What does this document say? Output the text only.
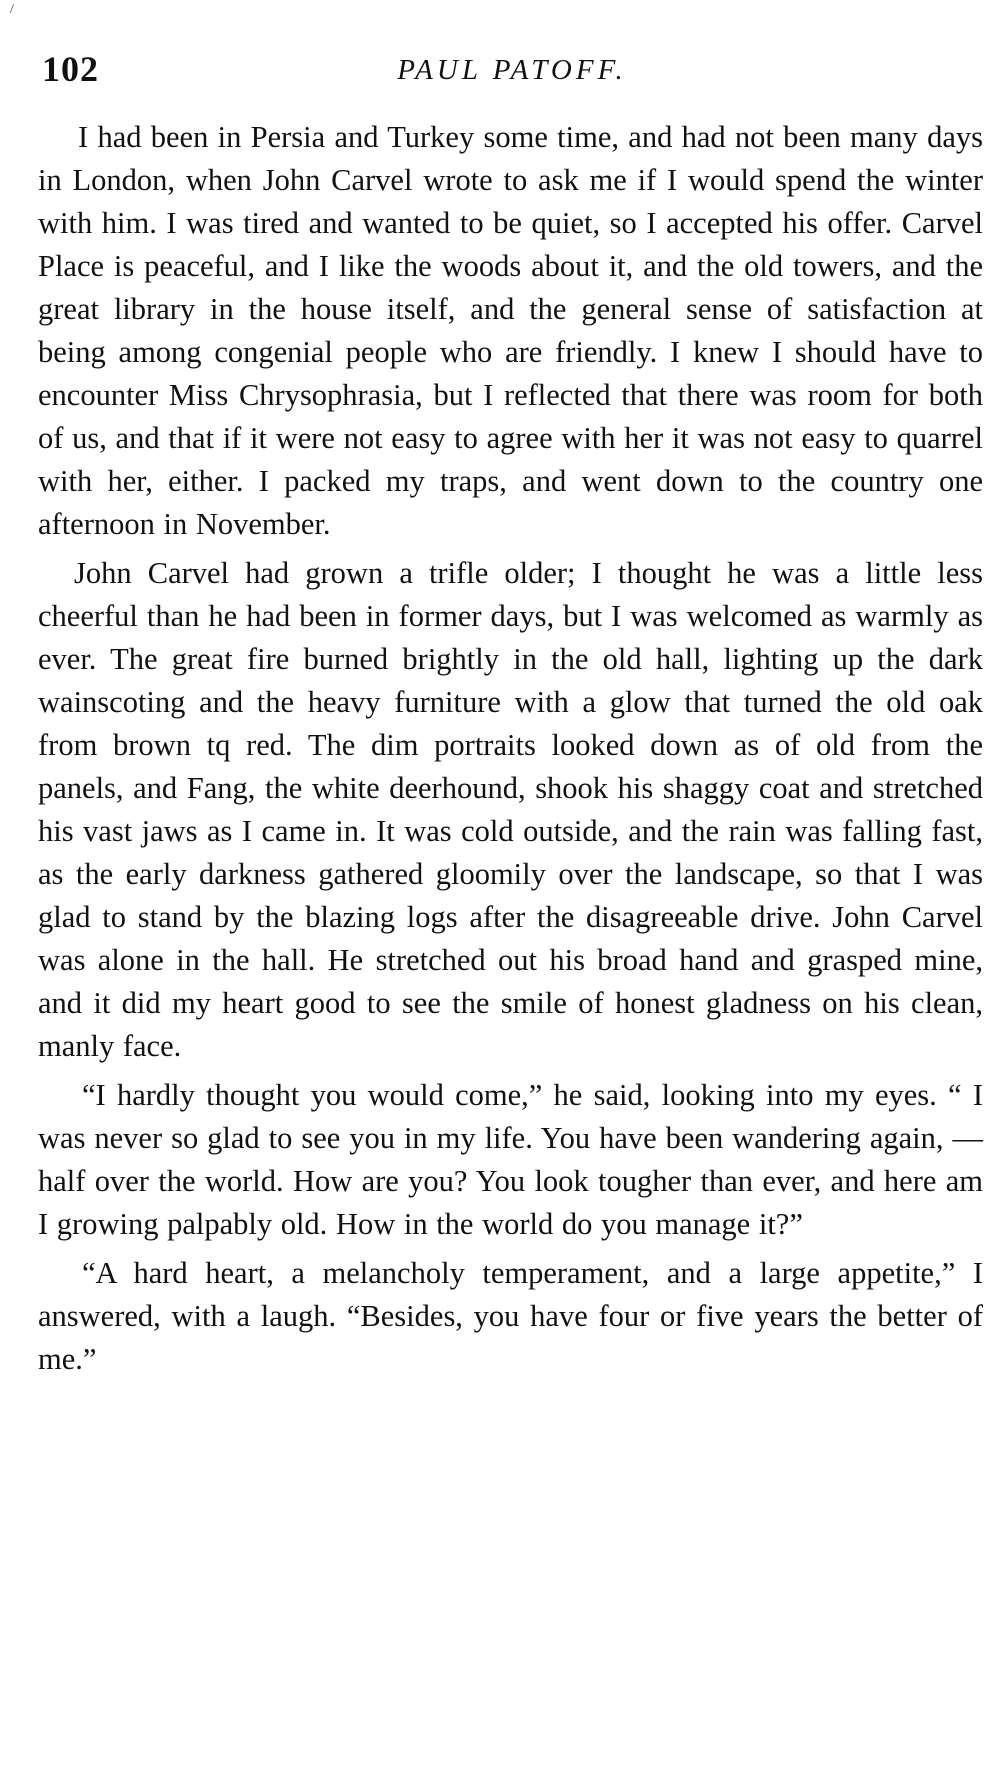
/
102	PAUL PATOFF.

I had been in Persia and Turkey some time, and had not been many days in London, when John Carvel wrote to ask me if I would spend the winter with him. I was tired and wanted to be quiet, so I accepted his offer. Carvel Place is peaceful, and I like the woods about it, and the old towers, and the great library in the house itself, and the general sense of satisfaction at being among congenial people who are friendly. I knew I should have to encounter Miss Chrysophrasia, but I reflected that there was room for both of us, and that if it were not easy to agree with her it was not easy to quarrel with her, either. I packed my traps, and went down to the country one afternoon in November.

John Carvel had grown a trifle older; I thought he was a little less cheerful than he had been in former days, but I was welcomed as warmly as ever. The great fire burned brightly in the old hall, lighting up the dark wainscoting and the heavy furniture with a glow that turned the old oak from brown tq red. The dim portraits looked down as of old from the panels, and Fang, the white deerhound, shook his shaggy coat and stretched his vast jaws as I came in. It was cold outside, and the rain was falling fast, as the early darkness gathered gloomily over the landscape, so that I was glad to stand by the blazing logs after the disagreeable drive. John Carvel was alone in the hall. He stretched out his broad hand and grasped mine, and it did my heart good to see the smile of honest gladness on his clean, manly face.

“I hardly thought you would come,” he said, looking into my eyes. “ I was never so glad to see you in my life. You have been wandering again, — half over the world. How are you? You look tougher than ever, and here am I growing palpably old. How in the world do you manage it?”

“A hard heart, a melancholy temperament, and a large appetite,” I answered, with a laugh. “Besides, you have four or five years the better of me.”
